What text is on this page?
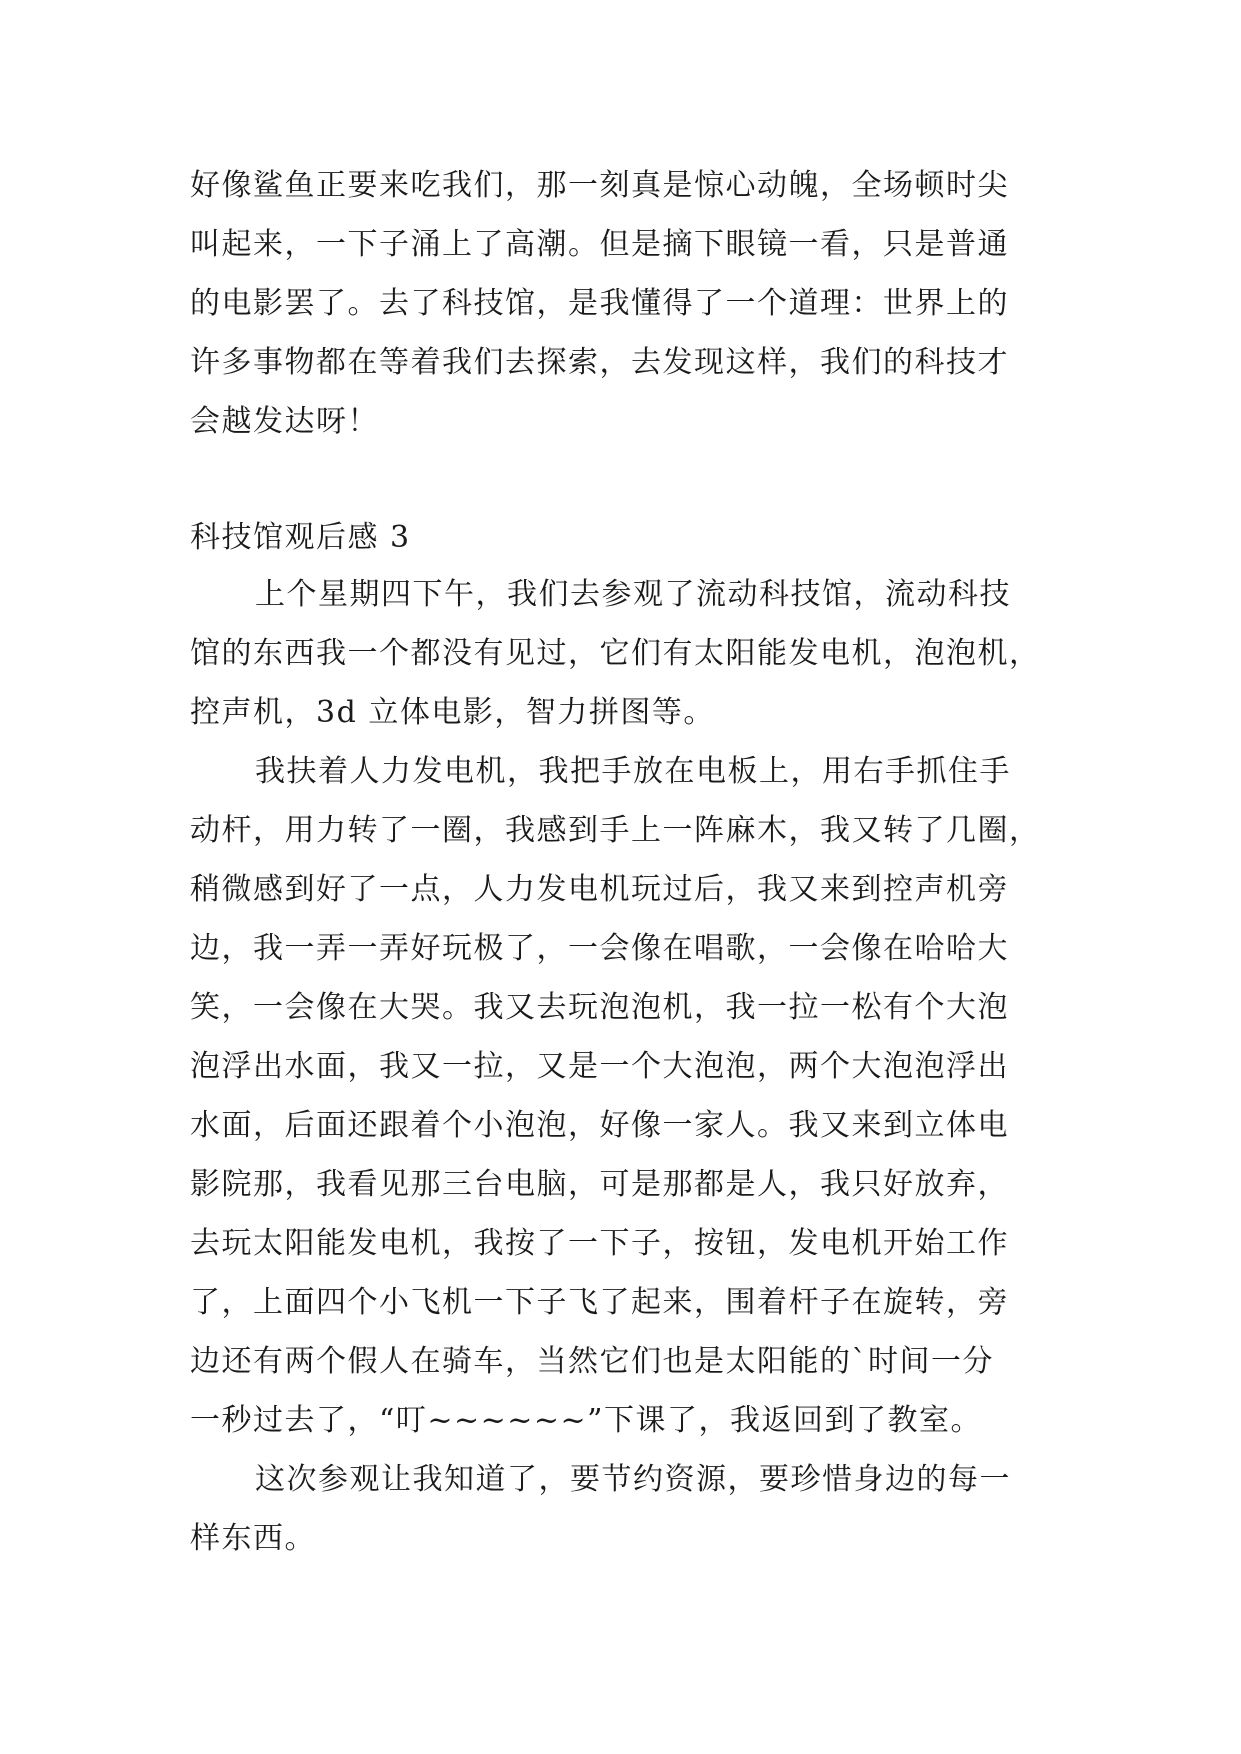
好像鲨鱼正要来吃我们，那一刻真是惊心动魄，全场顿时尖
叫起来，一下子涌上了高潮。但是摘下眼镜一看，只是普通
的电影罢了。去了科技馆，是我懂得了一个道理：世界上的
许多事物都在等着我们去探索，去发现这样，我们的科技才
会越发达呀！
科技馆观后感 3
上个星期四下午，我们去参观了流动科技馆，流动科技
馆的东西我一个都没有见过，它们有太阳能发电机，泡泡机，
控声机，3d 立体电影，智力拼图等。
我扶着人力发电机，我把手放在电板上，用右手抓住手
动杆，用力转了一圈，我感到手上一阵麻木，我又转了几圈，
稍微感到好了一点，人力发电机玩过后，我又来到控声机旁
边，我一弄一弄好玩极了，一会像在唱歌，一会像在哈哈大
笑，一会像在大哭。我又去玩泡泡机，我一拉一松有个大泡
泡浮出水面，我又一拉，又是一个大泡泡，两个大泡泡浮出
水面，后面还跟着个小泡泡，好像一家人。我又来到立体电
影院那，我看见那三台电脑，可是那都是人，我只好放弃，
去玩太阳能发电机，我按了一下子，按钮，发电机开始工作
了，上面四个小飞机一下子飞了起来，围着杆子在旋转，旁
边还有两个假人在骑车，当然它们也是太阳能的`时间一分
一秒过去了，“叮~~~~~~”下课了，我返回到了教室。
这次参观让我知道了，要节约资源，要珍惜身边的每一
样东西。
